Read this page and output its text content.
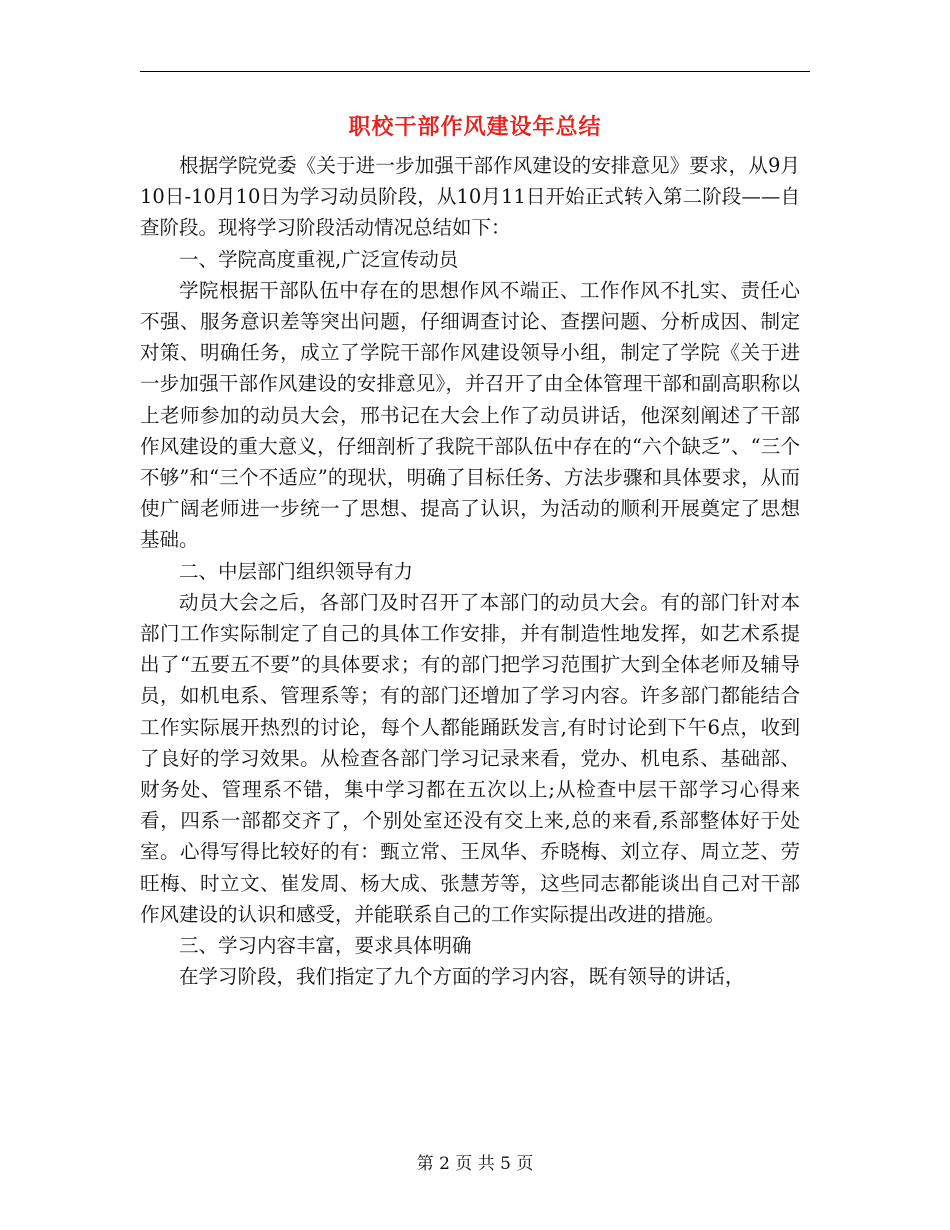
职校干部作风建设年总结

根据学院党委《关于进一步加强干部作风建设的安排意见》要求，从9月10日-10月10日为学习动员阶段，从10月11日开始正式转入第二阶段——自查阶段。现将学习阶段活动情况总结如下：

一、学院高度重视,广泛宣传动员

学院根据干部队伍中存在的思想作风不端正、工作作风不扎实、责任心不强、服务意识差等突出问题，仔细调查讨论、查摆问题、分析成因、制定对策、明确任务，成立了学院干部作风建设领导小组，制定了学院《关于进一步加强干部作风建设的安排意见》，并召开了由全体管理干部和副高职称以上老师参加的动员大会，邢书记在大会上作了动员讲话，他深刻阐述了干部作风建设的重大意义，仔细剖析了我院干部队伍中存在的“六个缺乏”、“三个不够”和“三个不适应”的现状，明确了目标任务、方法步骤和具体要求，从而使广阔老师进一步统一了思想、提高了认识，为活动的顺利开展奠定了思想基础。

二、中层部门组织领导有力

动员大会之后，各部门及时召开了本部门的动员大会。有的部门针对本部门工作实际制定了自己的具体工作安排，并有制造性地发挥，如艺术系提出了“五要五不要”的具体要求；有的部门把学习范围扩大到全体老师及辅导员，如机电系、管理系等；有的部门还增加了学习内容。许多部门都能结合工作实际展开热烈的讨论，每个人都能踊跃发言,有时讨论到下午6点，收到了良好的学习效果。从检查各部门学习记录来看，党办、机电系、基础部、财务处、管理系不错，集中学习都在五次以上;从检查中层干部学习心得来看，四系一部都交齐了，个别处室还没有交上来,总的来看,系部整体好于处室。心得写得比较好的有：甄立常、王凤华、乔晓梅、刘立存、周立芝、劳旺梅、时立文、崔发周、杨大成、张慧芳等，这些同志都能谈出自己对干部作风建设的认识和感受，并能联系自己的工作实际提出改进的措施。

三、学习内容丰富，要求具体明确

在学习阶段，我们指定了九个方面的学习内容，既有领导的讲话，

第 2 页 共 5 页
